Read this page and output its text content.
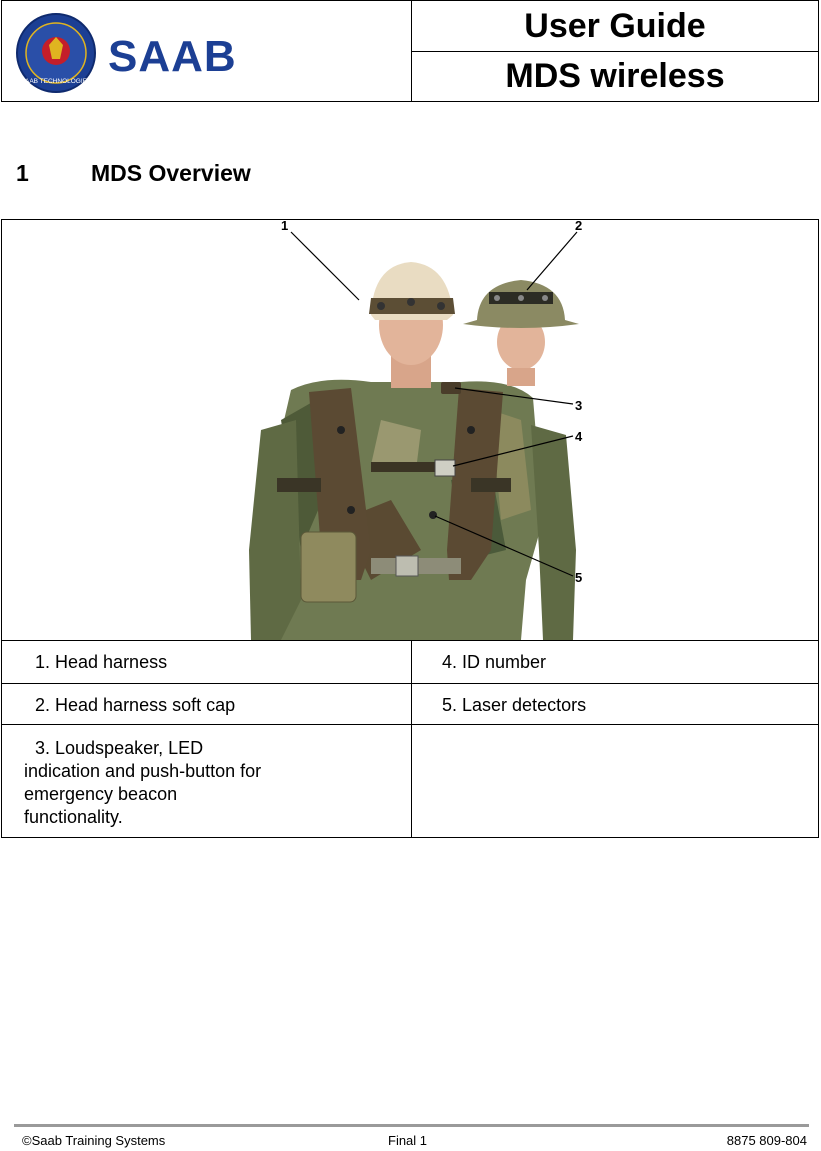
SAAB TECHNOLOGIES
SAAB
User Guide
MDS wireless
1	MDS Overview
1	2
3
4
5
1. Head harness	4. ID number
2. Head harness soft cap	5. Laser detectors
3. Loudspeaker, LED indication and push-button for emergency beacon functionality.
©Saab Training Systems	Final 1	8875 809-804
